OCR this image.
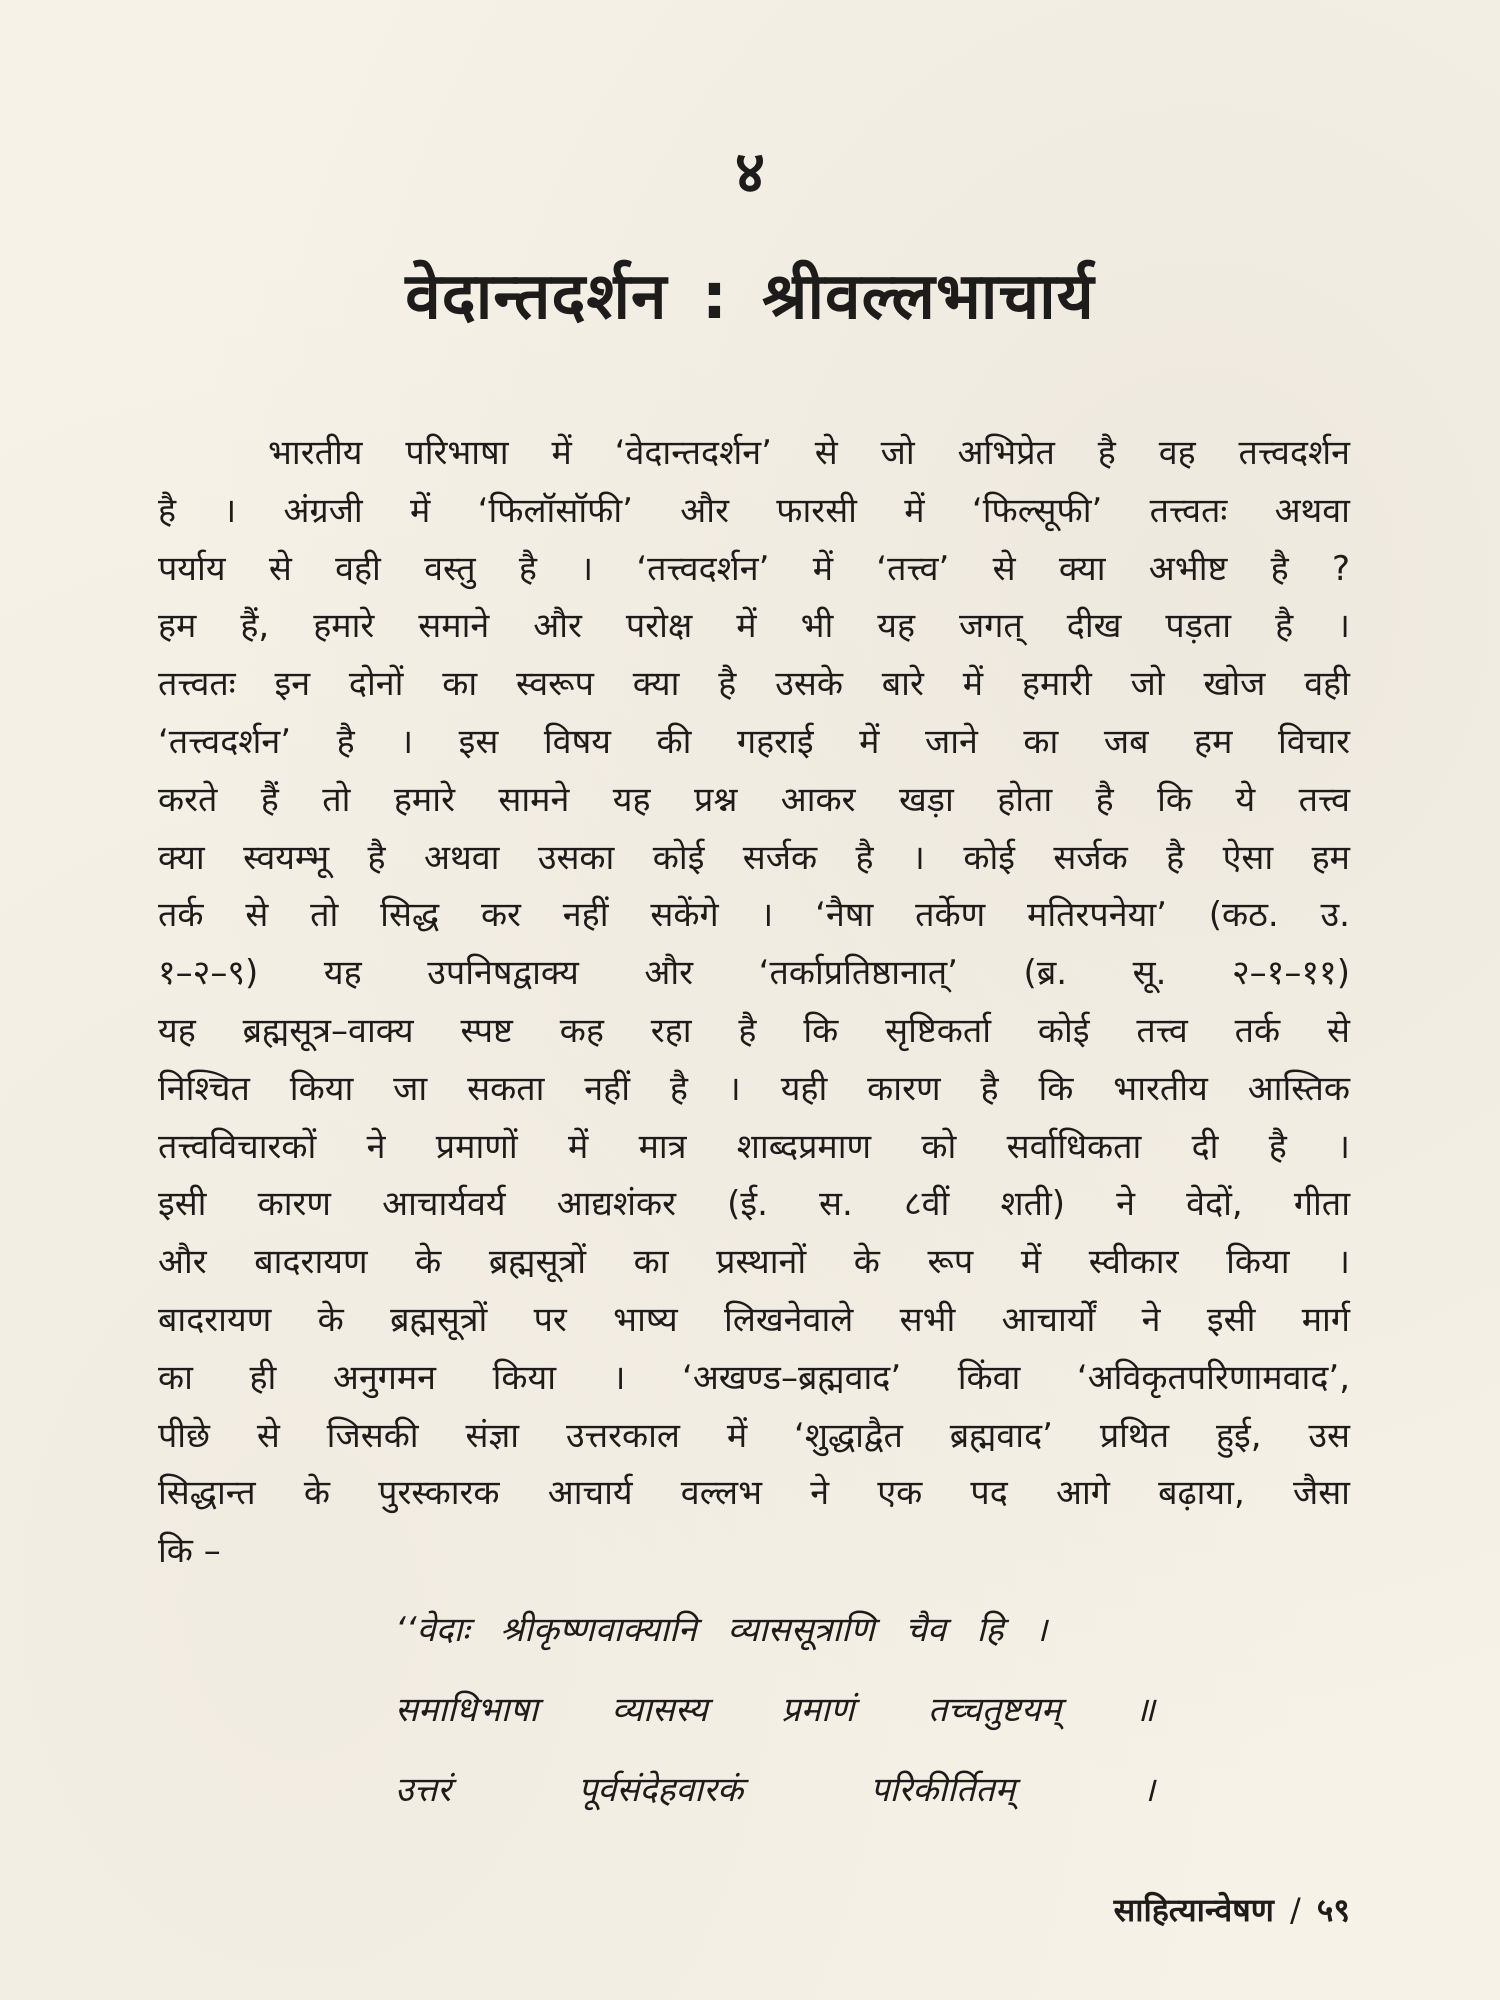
४
वेदान्तदर्शन : श्रीवल्लभाचार्य
भारतीय परिभाषा में ‘वेदान्तदर्शन’ से जो अभिप्रेत है वह तत्त्वदर्शन
है । अंग्रजी में ‘फिलॉसॉफी’ और फारसी में ‘फिल्सूफी’ तत्त्वतः अथवा
पर्याय से वही वस्तु है । ‘तत्त्वदर्शन’ में ‘तत्त्व’ से क्या अभीष्ट है ?
हम हैं, हमारे समाने और परोक्ष में भी यह जगत् दीख पड़ता है ।
तत्त्वतः इन दोनों का स्वरूप क्या है उसके बारे में हमारी जो खोज वही
‘तत्त्वदर्शन’ है । इस विषय की गहराई में जाने का जब हम विचार
करते हैं तो हमारे सामने यह प्रश्न आकर खड़ा होता है कि ये तत्त्व
क्या स्वयम्भू है अथवा उसका कोई सर्जक है । कोई सर्जक है ऐसा हम
तर्क से तो सिद्ध कर नहीं सकेंगे । ‘नैषा तर्केण मतिरपनेया’ (कठ. उ.
१–२–९) यह उपनिषद्वाक्य और ‘तर्काप्रतिष्ठानात्’ (ब्र. सू. २–१–११)
यह ब्रह्मसूत्र–वाक्य स्पष्ट कह रहा है कि सृष्टिकर्ता कोई तत्त्व तर्क से
निश्चित किया जा सकता नहीं है । यही कारण है कि भारतीय आस्तिक
तत्त्वविचारकों ने प्रमाणों में मात्र शाब्दप्रमाण को सर्वाधिकता दी है ।
इसी कारण आचार्यवर्य आद्यशंकर (ई. स. ८वीं शती) ने वेदों, गीता
और बादरायण के ब्रह्मसूत्रों का प्रस्थानों के रूप में स्वीकार किया ।
बादरायण के ब्रह्मसूत्रों पर भाष्य लिखनेवाले सभी आचार्यों ने इसी मार्ग
का ही अनुगमन किया । ‘अखण्ड–ब्रह्मवाद’ किंवा ‘अविकृतपरिणामवाद’,
पीछे से जिसकी संज्ञा उत्तरकाल में ‘शुद्धाद्वैत ब्रह्मवाद’ प्रथित हुई, उस
सिद्धान्त के पुरस्कारक आचार्य वल्लभ ने एक पद आगे बढ़ाया, जैसा
कि –
‘‘वेदाः श्रीकृष्णवाक्यानि व्याससूत्राणि चैव हि ।
समाधिभाषा व्यासस्य प्रमाणं तच्चतुष्टयम् ॥
उत्तरं पूर्वसंदेहवारकं परिकीर्तितम् ।
साहित्यान्वेषण / ५९
